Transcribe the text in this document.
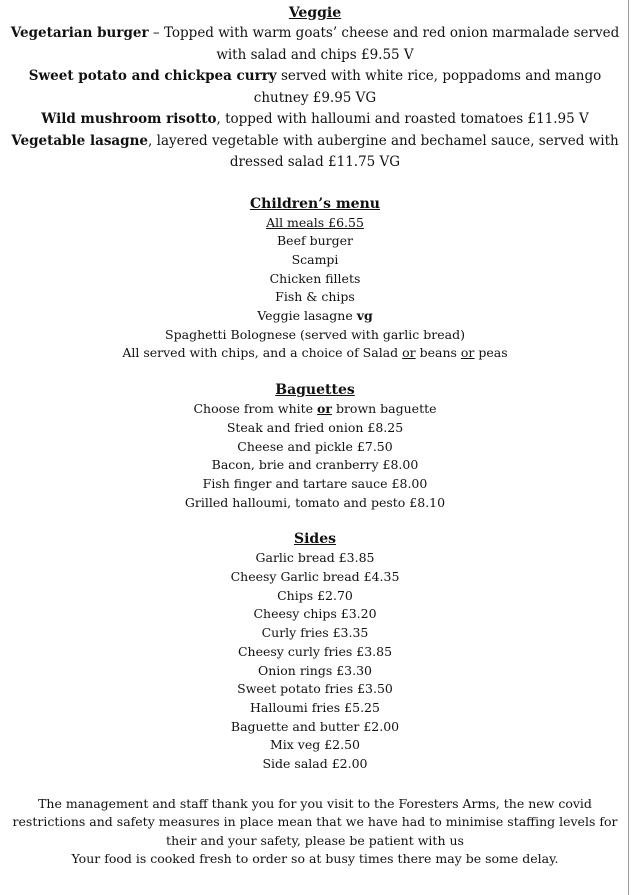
Veggie
Vegetarian burger – Topped with warm goats’ cheese and red onion marmalade served with salad and chips £9.55 V
Sweet potato and chickpea curry served with white rice, poppadoms and mango chutney £9.95 VG
Wild mushroom risotto, topped with halloumi and roasted tomatoes £11.95 V
Vegetable lasagne, layered vegetable with aubergine and bechamel sauce, served with dressed salad £11.75 VG
Children’s menu
All meals £6.55
Beef burger
Scampi
Chicken fillets
Fish & chips
Veggie lasagne vg
Spaghetti Bolognese (served with garlic bread)
All served with chips, and a choice of Salad or beans or peas
Baguettes
Choose from white or brown baguette
Steak and fried onion £8.25
Cheese and pickle £7.50
Bacon, brie and cranberry £8.00
Fish finger and tartare sauce £8.00
Grilled halloumi, tomato and pesto £8.10
Sides
Garlic bread £3.85
Cheesy Garlic bread £4.35
Chips £2.70
Cheesy chips £3.20
Curly fries £3.35
Cheesy curly fries £3.85
Onion rings £3.30
Sweet potato fries £3.50
Halloumi fries £5.25
Baguette and butter £2.00
Mix veg £2.50
Side salad £2.00
The management and staff thank you for you visit to the Foresters Arms, the new covid restrictions and safety measures in place mean that we have had to minimise staffing levels for their and your safety, please be patient with us
Your food is cooked fresh to order so at busy times there may be some delay.
